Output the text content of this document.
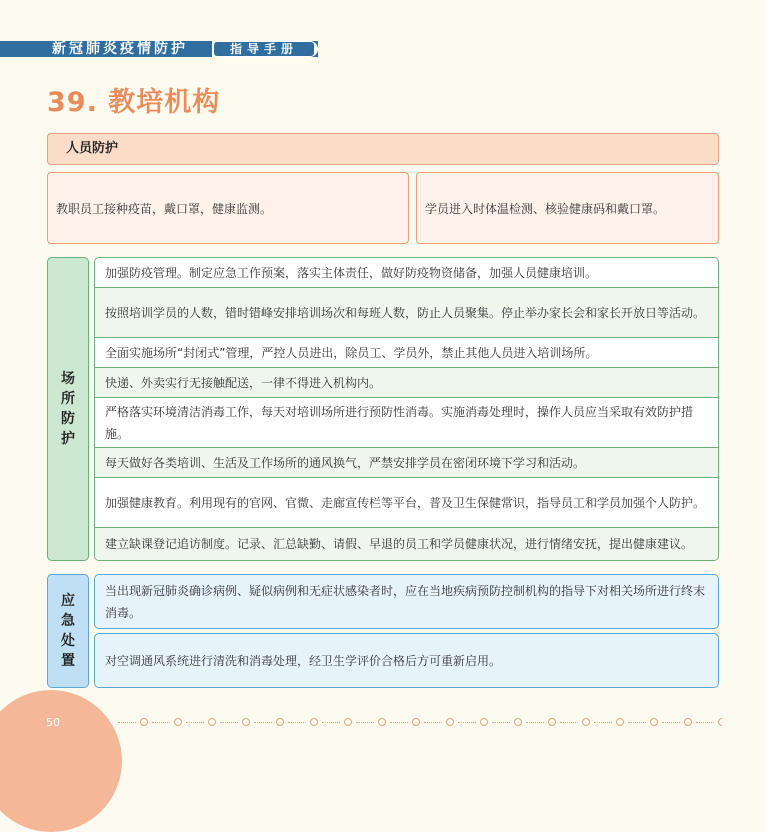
新冠肺炎疫情防护	指导手册
39. 教培机构
人员防护
教职员工接种疫苗，戴口罩，健康监测。	学员进入时体温检测、核验健康码和戴口罩。
场所防护
加强防疫管理。制定应急工作预案，落实主体责任，做好防疫物资储备，加强人员健康培训。
按照培训学员的人数，错时错峰安排培训场次和每班人数，防止人员聚集。停止举办家长会和家长开放日等活动。
全面实施场所“封闭式”管理，严控人员进出，除员工、学员外，禁止其他人员进入培训场所。
快递、外卖实行无接触配送，一律不得进入机构内。
严格落实环境清洁消毒工作，每天对培训场所进行预防性消毒。实施消毒处理时，操作人员应当采取有效防护措施。
每天做好各类培训、生活及工作场所的通风换气，严禁安排学员在密闭环境下学习和活动。
加强健康教育。利用现有的官网、官微、走廊宣传栏等平台，普及卫生保健常识，指导员工和学员加强个人防护。
建立缺课登记追访制度。记录、汇总缺勤、请假、早退的员工和学员健康状况，进行情绪安抚，提出健康建议。
应急处置
当出现新冠肺炎确诊病例、疑似病例和无症状感染者时，应在当地疾病预防控制机构的指导下对相关场所进行终末消毒。
对空调通风系统进行清洗和消毒处理，经卫生学评价合格后方可重新启用。
50
